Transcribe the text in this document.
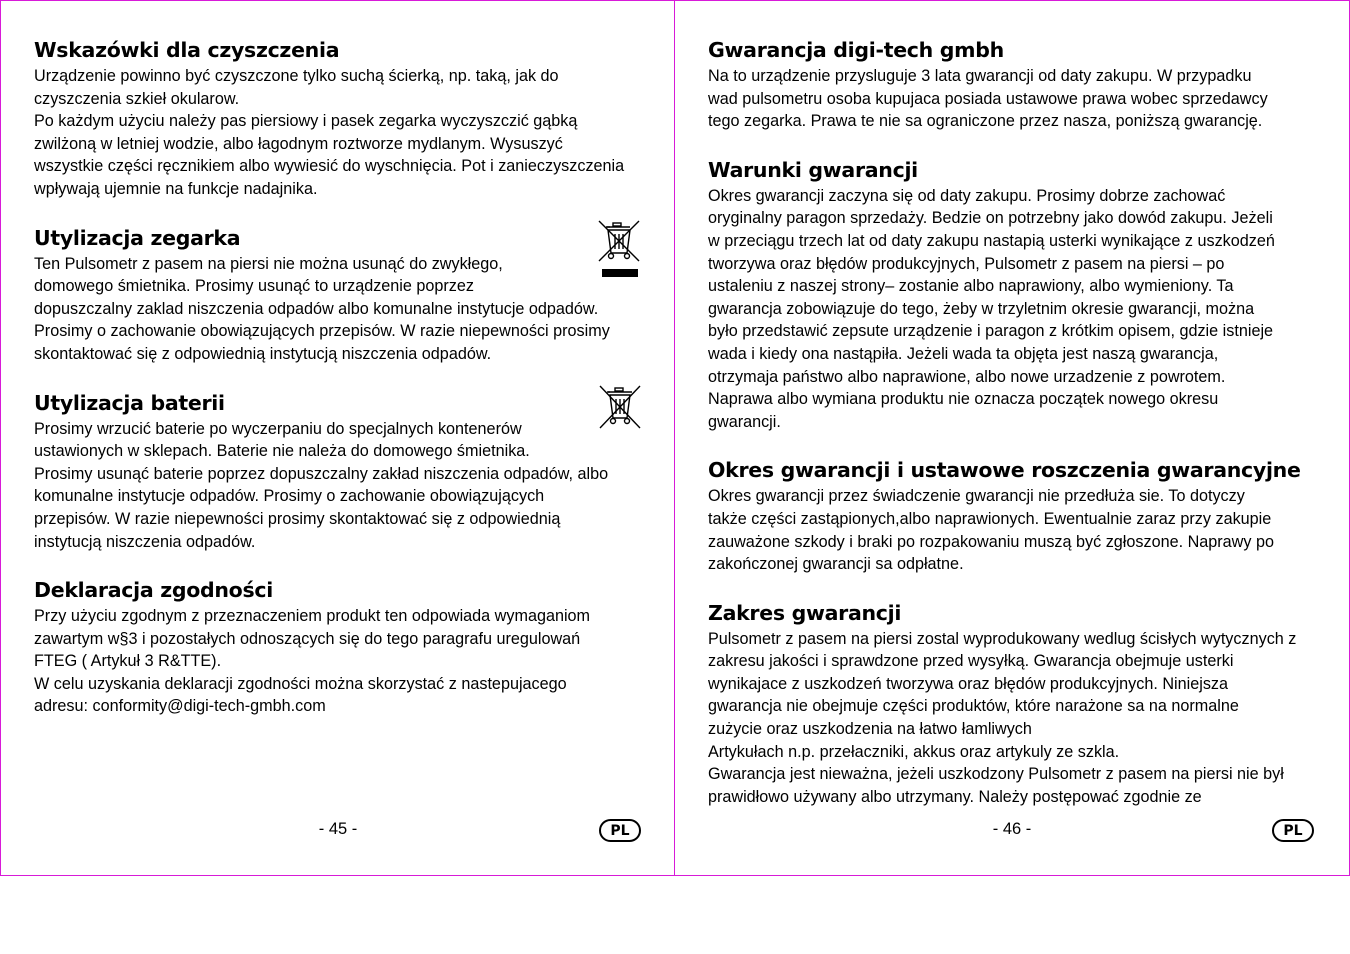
Wskazówki dla czyszczenia

Urządzenie powinno być czyszczone tylko suchą ścierką, np. taką, jak do
czyszczenia szkieł okularow.
Po każdym użyciu należy pas piersiowy i pasek zegarka wyczyszczić gąbką
zwilżoną w letniej wodzie, albo łagodnym roztworze mydlanym. Wysuszyć
wszystkie części ręcznikiem albo wywiesić do wyschnięcia. Pot i zanieczyszczenia
wpływają ujemnie na funkcje nadajnika.

Utylizacja zegarka

Ten Pulsometr z pasem na piersi nie można usunąć do zwykłego,
domowego śmietnika. Prosimy usunąć to urządzenie poprzez

dopuszczalny zaklad niszczenia odpadów albo komunalne instytucje odpadów.
Prosimy o zachowanie obowiązujących przepisów. W razie niepewności prosimy
skontaktować się z odpowiednią instytucją niszczenia odpadów.

Utylizacja baterii

Prosimy wrzucić baterie po wyczerpaniu do specjalnych kontenerów
ustawionych w sklepach. Baterie nie należa do domowego śmietnika.

Prosimy usunąć baterie poprzez dopuszczalny zakład niszczenia odpadów, albo
komunalne instytucje odpadów. Prosimy o zachowanie obowiązujących
przepisów. W razie niepewności prosimy skontaktować się z odpowiednią
instytucją niszczenia odpadów.

Deklaracja zgodności

Przy użyciu zgodnym z przeznaczeniem produkt ten odpowiada wymaganiom
zawartym w§3 i pozostałych odnoszących się do tego paragrafu uregulowań
FTEG ( Artykuł 3 R&TTE).
W celu uzyskania deklaracji zgodności można skorzystać z nastepujacego
adresu: conformity@digi-tech-gmbh.com

- 45 -	PL
Gwarancja digi-tech gmbh

Na to urządzenie przysluguje 3 lata gwarancji od daty zakupu. W przypadku
wad pulsometru osoba kupujaca posiada ustawowe prawa wobec sprzedawcy
tego zegarka. Prawa te nie sa ograniczone przez nasza, poniższą gwarancję.

Warunki gwarancji

Okres gwarancji zaczyna się od daty zakupu. Prosimy dobrze zachować
oryginalny paragon sprzedaży. Bedzie on potrzebny jako dowód zakupu. Jeżeli
w przeciągu trzech lat od daty zakupu nastapią usterki wynikające z uszkodzeń
tworzywa oraz błędów produkcyjnych, Pulsometr z pasem na piersi – po
ustaleniu z naszej strony– zostanie albo naprawiony, albo wymieniony. Ta
gwarancja zobowiązuje do tego, żeby w trzyletnim okresie gwarancji, można
było przedstawić zepsute urządzenie i paragon z krótkim opisem, gdzie istnieje
wada i kiedy ona nastąpiła. Jeżeli wada ta objęta jest naszą gwarancja,
otrzymaja państwo albo naprawione, albo nowe urzadzenie z powrotem.
Naprawa albo wymiana produktu nie oznacza początek nowego okresu
gwarancji.

Okres gwarancji i ustawowe roszczenia gwarancyjne

Okres gwarancji przez świadczenie gwarancji nie przedłuża sie. To dotyczy
także części zastąpionych,albo naprawionych. Ewentualnie zaraz przy zakupie
zauważone szkody i braki po rozpakowaniu muszą być zgłoszone. Naprawy po
zakończonej gwarancji sa odpłatne.

Zakres gwarancji

Pulsometr z pasem na piersi zostal wyprodukowany wedlug ścisłych wytycznych z
zakresu jakości i sprawdzone przed wysyłką. Gwarancja obejmuje usterki
wynikajace z uszkodzeń tworzywa oraz błędów produkcyjnych. Niniejsza
gwarancja nie obejmuje części produktów, które narażone sa na normalne
zużycie oraz uszkodzenia na łatwo łamliwych
Artykułach n.p. przełaczniki, akkus oraz artykuly ze szkla.
Gwarancja jest nieważna, jeżeli uszkodzony Pulsometr z pasem na piersi nie był
prawidłowo używany albo utrzymany. Należy postępować zgodnie ze

- 46 -	PL
